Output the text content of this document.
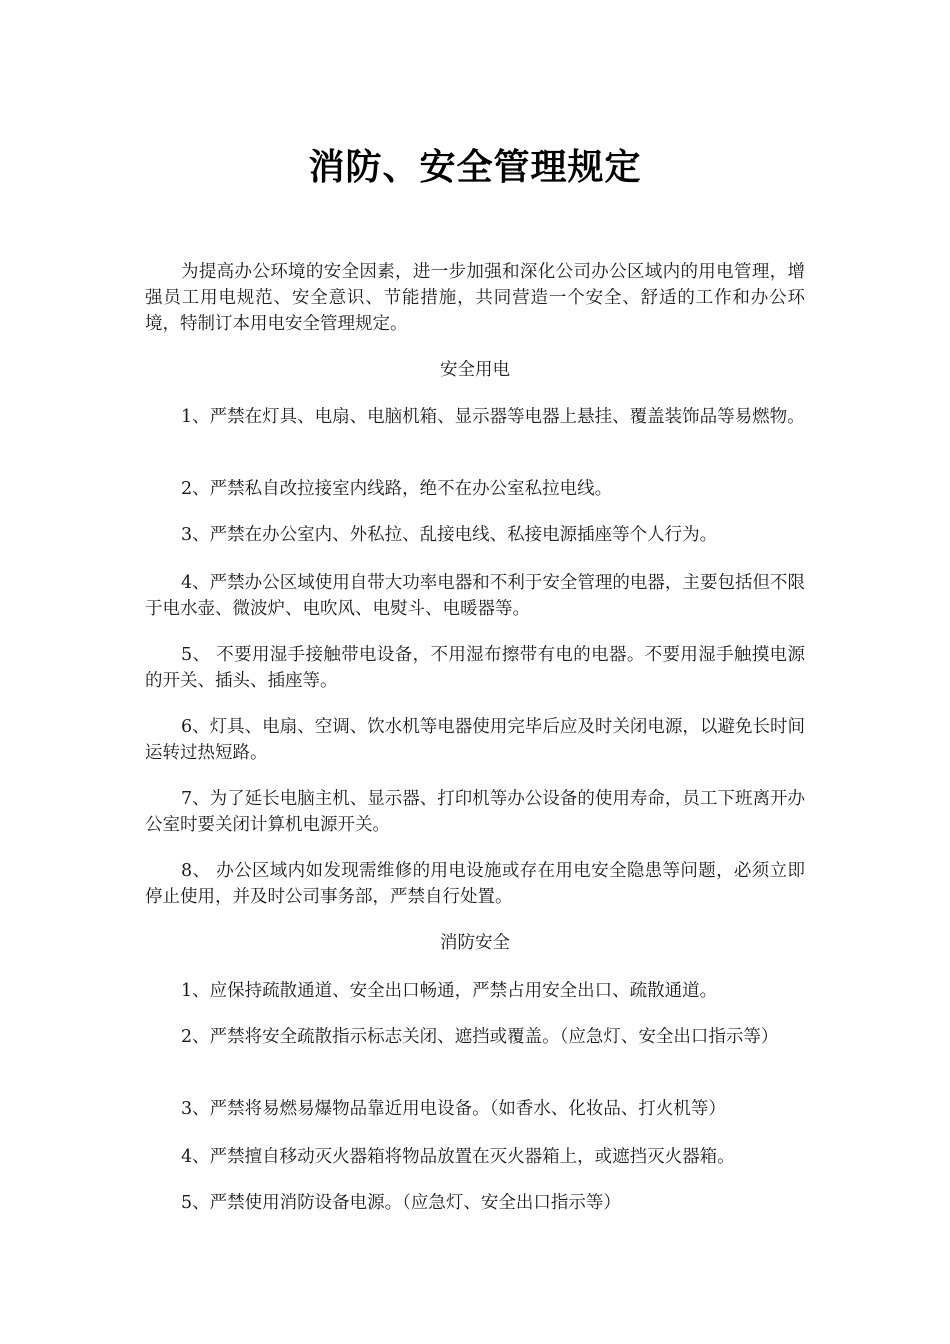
消防、安全管理规定
为提高办公环境的安全因素，进一步加强和深化公司办公区域内的用电管理，增强员工用电规范、安全意识、节能措施，共同营造一个安全、舒适的工作和办公环境，特制订本用电安全管理规定。
安全用电
1、严禁在灯具、电扇、电脑机箱、显示器等电器上悬挂、覆盖装饰品等易燃物。
2、严禁私自改拉接室内线路，绝不在办公室私拉电线。
3、严禁在办公室内、外私拉、乱接电线、私接电源插座等个人行为。
4、严禁办公区域使用自带大功率电器和不利于安全管理的电器，主要包括但不限于电水壶、微波炉、电吹风、电熨斗、电暖器等。
5、 不要用湿手接触带电设备，不用湿布擦带有电的电器。不要用湿手触摸电源的开关、插头、插座等。
6、灯具、电扇、空调、饮水机等电器使用完毕后应及时关闭电源，以避免长时间运转过热短路。
7、为了延长电脑主机、显示器、打印机等办公设备的使用寿命，员工下班离开办公室时要关闭计算机电源开关。
8、 办公区域内如发现需维修的用电设施或存在用电安全隐患等问题，必须立即停止使用，并及时公司事务部，严禁自行处置。
消防安全
1、应保持疏散通道、安全出口畅通，严禁占用安全出口、疏散通道。
2、严禁将安全疏散指示标志关闭、遮挡或覆盖。（应急灯、安全出口指示等）
3、严禁将易燃易爆物品靠近用电设备。（如香水、化妆品、打火机等）
4、严禁擅自移动灭火器箱将物品放置在灭火器箱上，或遮挡灭火器箱。
5、严禁使用消防设备电源。（应急灯、安全出口指示等）
